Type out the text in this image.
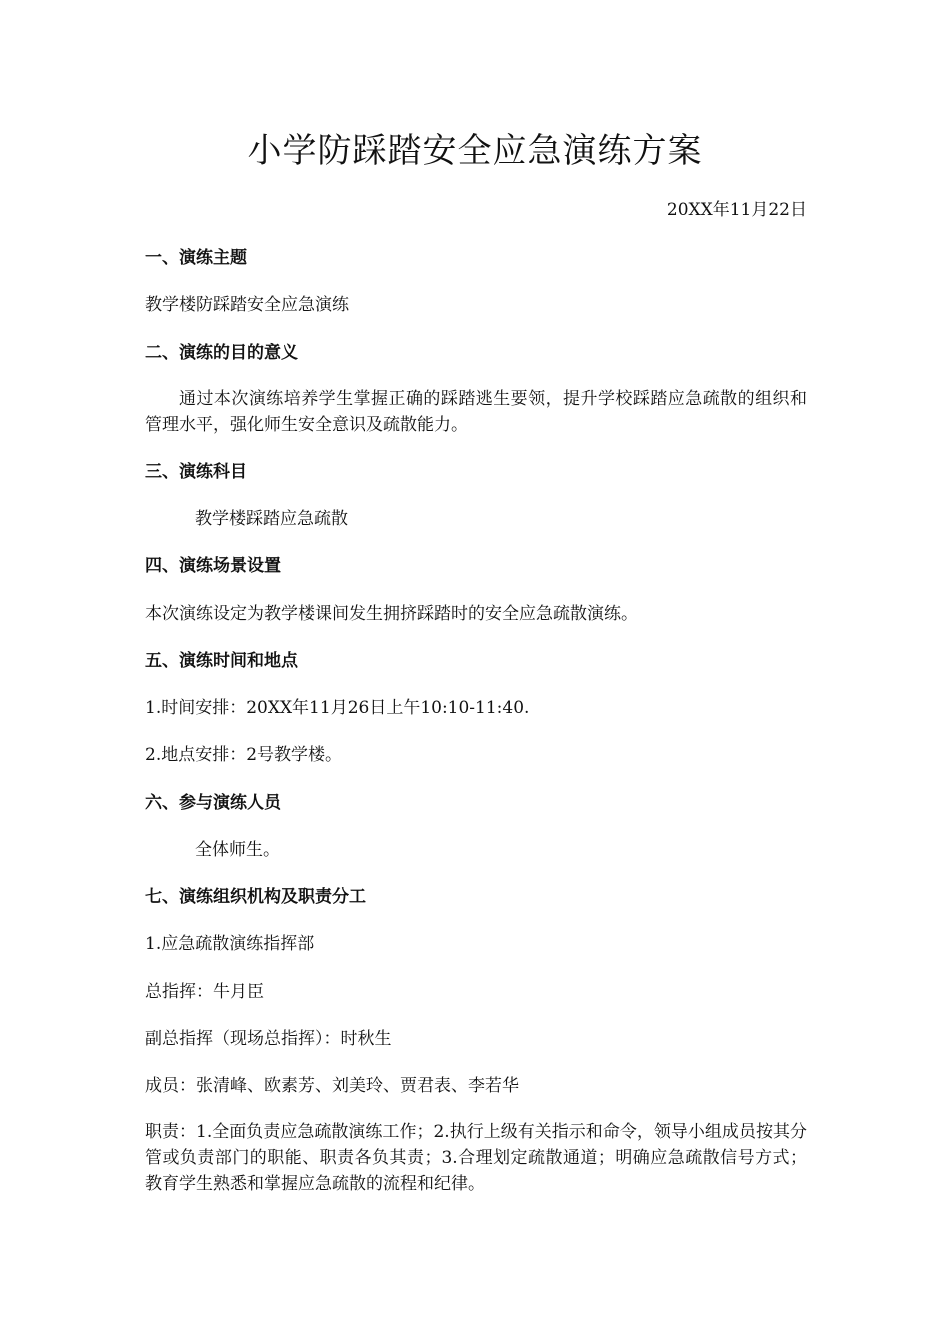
小学防踩踏安全应急演练方案

20XX年11月22日

一、演练主题

教学楼防踩踏安全应急演练

二、演练的目的意义

通过本次演练培养学生掌握正确的踩踏逃生要领，提升学校踩踏应急疏散的组织和管理水平，强化师生安全意识及疏散能力。

三、演练科目

教学楼踩踏应急疏散

四、演练场景设置

本次演练设定为教学楼课间发生拥挤踩踏时的安全应急疏散演练。

五、演练时间和地点

1.时间安排：20XX年11月26日上午10:10-11:40.

2.地点安排：2号教学楼。

六、参与演练人员

全体师生。

七、演练组织机构及职责分工

1.应急疏散演练指挥部

总指挥：牛月臣

副总指挥（现场总指挥）：时秋生

成员：张清峰、欧素芳、刘美玲、贾君表、李若华

职责：1.全面负责应急疏散演练工作；2.执行上级有关指示和命令，领导小组成员按其分管或负责部门的职能、职责各负其责；3.合理划定疏散通道；明确应急疏散信号方式；教育学生熟悉和掌握应急疏散的流程和纪律。
